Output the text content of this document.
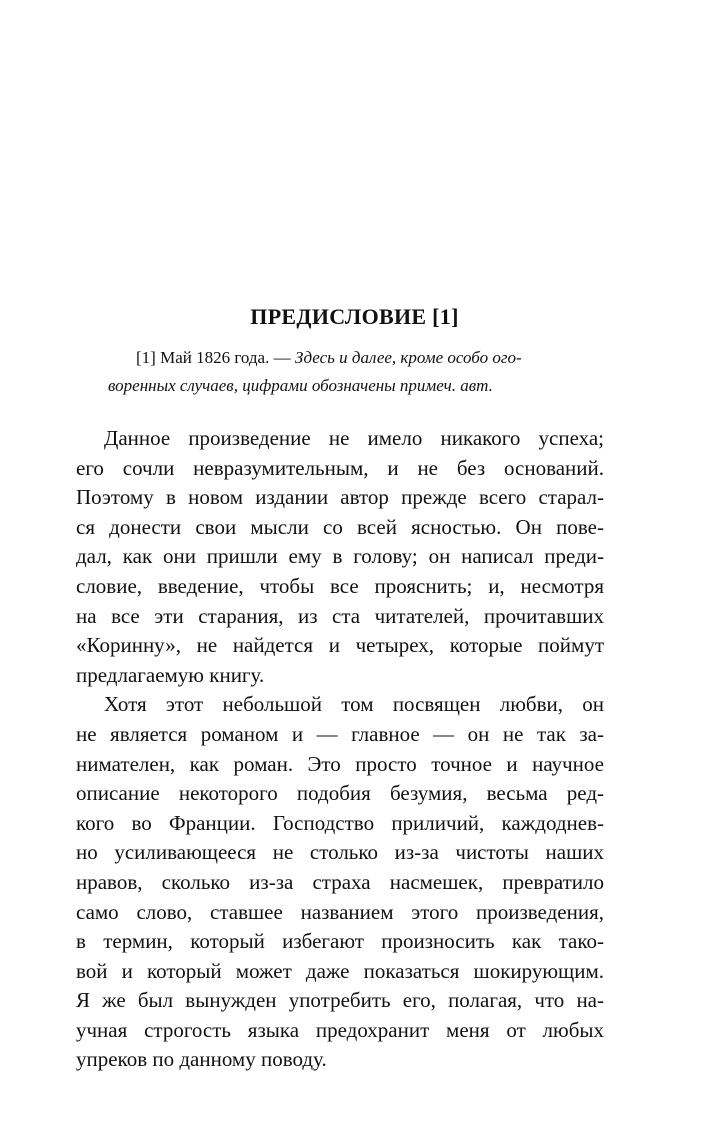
ПРЕДИСЛОВИЕ [1]
[1] Май 1826 года. — Здесь и далее, кроме особо ого-
воренных случаев, цифрами обозначены примеч. авт.

Данное произведение не имело никакого успеха;
его сочли невразумительным, и не без оснований.
Поэтому в новом издании автор прежде всего старал-
ся донести свои мысли со всей ясностью. Он пове-
дал, как они пришли ему в голову; он написал преди-
словие, введение, чтобы все прояснить; и, несмотря
на все эти старания, из ста читателей, прочитавших
«Коринну», не найдется и четырех, которые поймут
предлагаемую книгу.

Хотя этот небольшой том посвящен любви, он
не является романом и — главное — он не так за-
нимателен, как роман. Это просто точное и научное
описание некоторого подобия безумия, весьма ред-
кого во Франции. Господство приличий, каждоднев-
но усиливающееся не столько из-за чистоты наших
нравов, сколько из-за страха насмешек, превратило
само слово, ставшее названием этого произведения,
в термин, который избегают произносить как тако-
вой и который может даже показаться шокирующим.
Я же был вынужден употребить его, полагая, что на-
учная строгость языка предохранит меня от любых
упреков по данному поводу.
